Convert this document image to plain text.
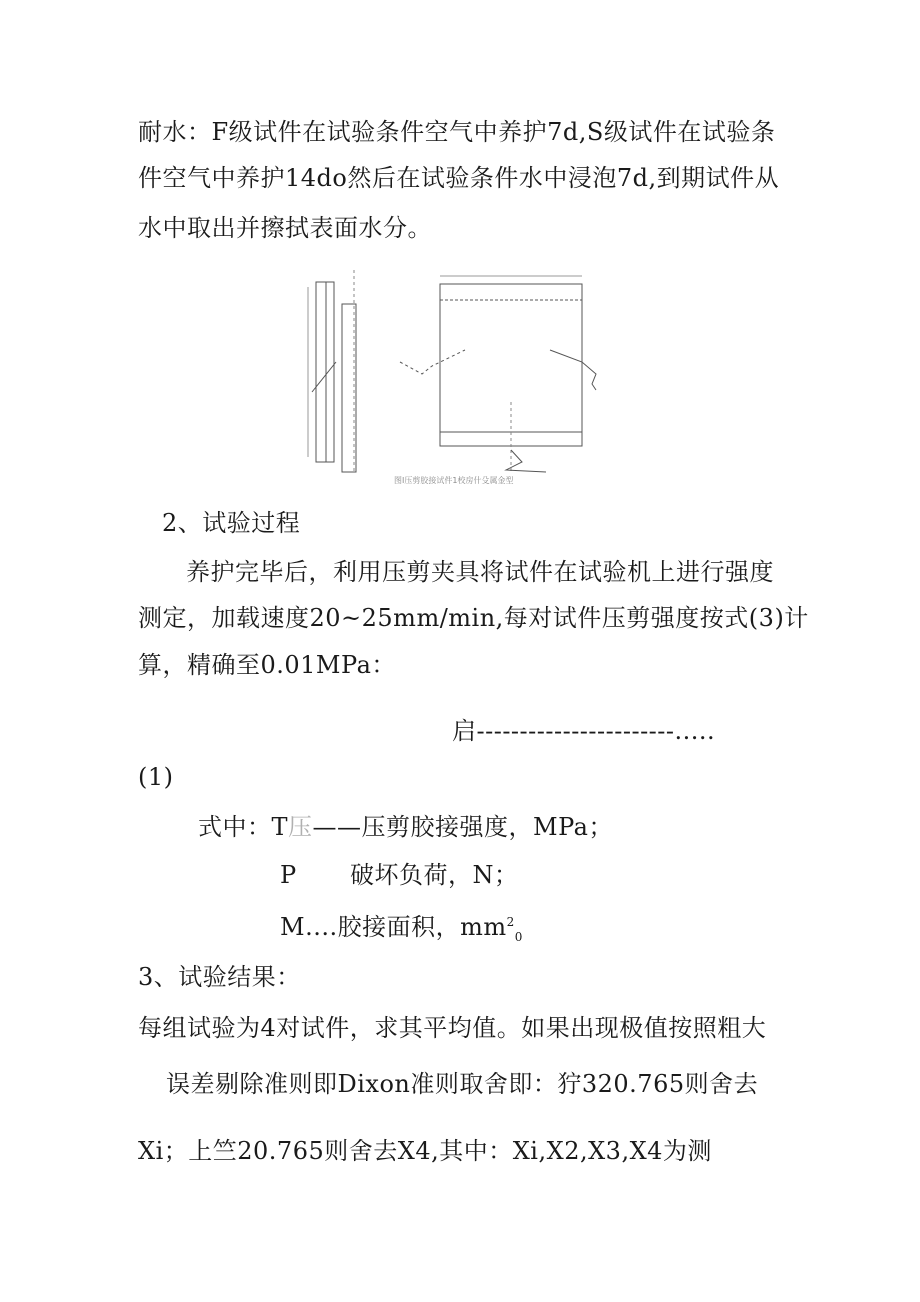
耐水：F级试件在试验条件空气中养护7d,S级试件在试验条
件空气中养护14do然后在试验条件水中浸泡7d,到期试件从
水中取出并擦拭表面水分。
图I压剪胶接试件1校房什殳属金型
2、试验过程
养护完毕后，利用压剪夹具将试件在试验机上进行强度
测定，加载速度20~25mm/min,每对试件压剪强度按式(3)计
算，精确至0.01MPa：
启-----------------------.....
(1)
式中：T压——压剪胶接强度，MPa；
P 破坏负荷，N；
M....胶接面积，$mm^2_0$
3、试验结果：
每组试验为4对试件，求其平均值。如果出现极值按照粗大
误差剔除准则即Dixon准则取舍即：狞320.765则舍去
Xi；上竺20.765则舍去X4,其中：Xi,X2,X3,X4为测
